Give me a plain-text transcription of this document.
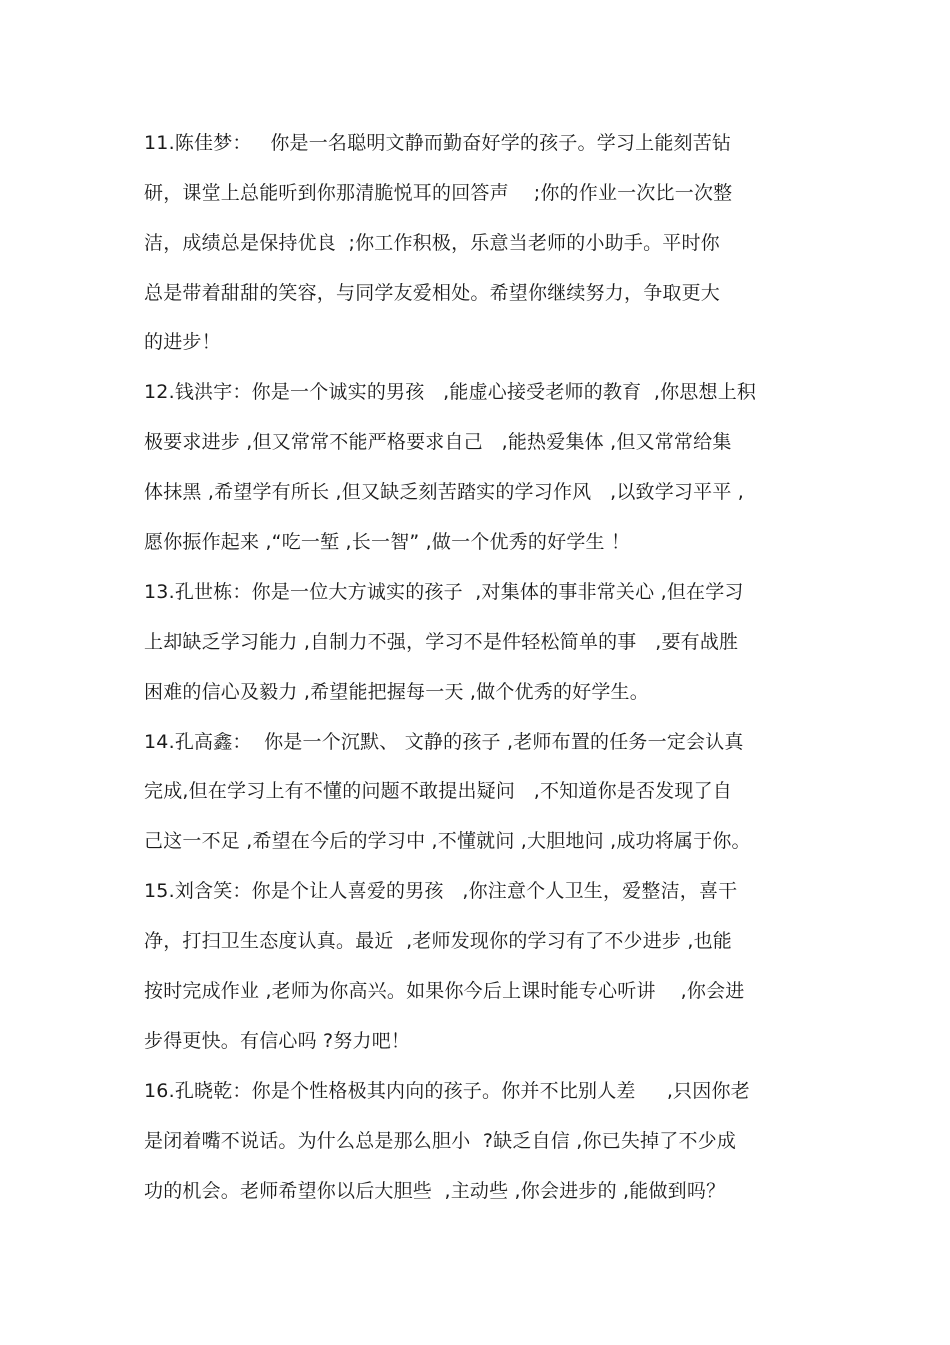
11.陈佳梦：   你是一名聪明文静而勤奋好学的孩子。学习上能刻苦钻
研，课堂上总能听到你那清脆悦耳的回答声    ;你的作业一次比一次整
洁，成绩总是保持优良  ;你工作积极，乐意当老师的小助手。平时你
总是带着甜甜的笑容，与同学友爱相处。希望你继续努力，争取更大
的进步！
12.钱洪宇：你是一个诚实的男孩   ,能虚心接受老师的教育  ,你思想上积
极要求进步 ,但又常常不能严格要求自己   ,能热爱集体 ,但又常常给集
体抹黑 ,希望学有所长 ,但又缺乏刻苦踏实的学习作风   ,以致学习平平 ,
愿你振作起来 ,“吃一堑 ,长一智” ,做一个优秀的好学生 ！
13.孔世栋：你是一位大方诚实的孩子  ,对集体的事非常关心 ,但在学习
上却缺乏学习能力 ,自制力不强，学习不是件轻松简单的事   ,要有战胜
困难的信心及毅力 ,希望能把握每一天 ,做个优秀的好学生。
14.孔高鑫：  你是一个沉默、 文静的孩子 ,老师布置的任务一定会认真
完成,但在学习上有不懂的问题不敢提出疑问   ,不知道你是否发现了自
己这一不足 ,希望在今后的学习中 ,不懂就问 ,大胆地问 ,成功将属于你。
15.刘含笑：你是个让人喜爱的男孩   ,你注意个人卫生，爱整洁，喜干
净，打扫卫生态度认真。最近  ,老师发现你的学习有了不少进步 ,也能
按时完成作业 ,老师为你高兴。如果你今后上课时能专心听讲    ,你会进
步得更快。有信心吗 ?努力吧！
16.孔晓乾：你是个性格极其内向的孩子。你并不比别人差     ,只因你老
是闭着嘴不说话。为什么总是那么胆小  ?缺乏自信 ,你已失掉了不少成
功的机会。老师希望你以后大胆些  ,主动些 ,你会进步的 ,能做到吗？
